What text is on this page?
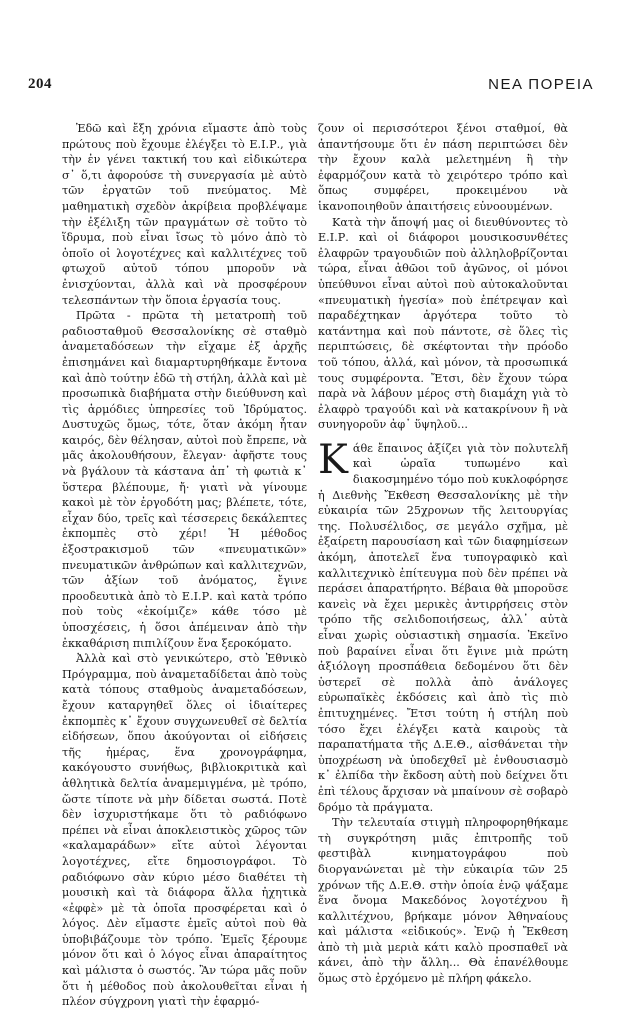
204	ΝΕΑ ΠΟΡΕΙΑ

Ἐδῶ καὶ ἔξη χρόνια εἴμαστε ἀπὸ τοὺς πρώτους ποὺ ἔχουμε ἐλέγξει τὸ Ε.Ι.Ρ., γιὰ τὴν ἐν γένει τακτική του καὶ εἰδικώτερα σ᾽ ὅ,τι ἀφορούσε τὴ συνεργασία μὲ αὐτὸ τῶν ἐργατῶν τοῦ πνεύματος. Μὲ μαθηματικὴ σχεδὸν ἀκρίβεια προβλέψαμε τὴν ἐξέλιξη τῶν πραγμάτων σὲ τοῦτο τὸ ἵδρυμα, ποὺ εἶναι ἴσως τὸ μόνο ἀπὸ τὸ ὁποῖο οἱ λογοτέχνες καὶ καλλιτέχνες τοῦ φτωχοῦ αὐτοῦ τόπου μποροῦν νὰ ἐνισχύονται, ἀλλὰ καὶ νὰ προσφέρουν τελεσπάντων τὴν ὅποια ἐργασία τους.

Πρῶτα - πρῶτα τὴ μετατροπὴ τοῦ ραδιοσταθμοῦ Θεσσαλονίκης σὲ σταθμὸ ἀναμεταδόσεων τὴν εἴχαμε ἐξ ἀρχῆς ἐπισημάνει καὶ διαμαρτυρηθήκαμε ἔντονα καὶ ἀπὸ τούτην ἐδῶ τὴ στήλη, ἀλλὰ καὶ μὲ προσωπικὰ διαβήματα στὴν διεύθυνση καὶ τὶς ἁρμόδιες ὑπηρεσίες τοῦ Ἱδρύματος. Δυστυχῶς ὅμως, τότε, ὅταν ἀκόμη ἦταν καιρός, δὲν θέλησαν, αὐτοὶ ποὺ ἔπρεπε, νὰ μᾶς ἀκολουθήσουν, ἔλεγαν· ἀφῆστε τους νὰ βγάλουν τὰ κάστανα ἀπ᾽ τὴ φωτιὰ κ᾽ ὕστερα βλέπουμε, ἤ· γιατὶ νὰ γίνουμε κακοὶ μὲ τὸν ἐργοδότη μας; βλέπετε, τότε, εἶχαν δύο, τρεῖς καὶ τέσσερεις δεκάλεπτες ἐκπομπὲς στὸ χέρι! Ἡ μέθοδος ἐξοστρακισμοῦ τῶν «πνευματικῶν» πνευματικῶν ἀνθρώπων καὶ καλλιτεχνῶν, τῶν ἀξίων τοῦ ἀνόματος, ἔγινε προοδευτικὰ ἀπὸ τὸ Ε.Ι.Ρ. καὶ κατὰ τρόπο ποὺ τοὺς «ἐκοίμιζε» κάθε τόσο μὲ ὑποσχέσεις, ἡ ὅσοι ἀπέμειναν ἀπὸ τὴν ἐκκαθάριση πιπιλίζουν ἕνα ξεροκόματο.

Ἀλλὰ καὶ στὸ γενικώτερο, στὸ Ἐθνικὸ Πρόγραμμα, ποὺ ἀναμεταδίδεται ἀπὸ τοὺς κατὰ τόπους σταθμοὺς ἀναμεταδόσεων, ἔχουν καταργηθεῖ ὅλες οἱ ἰδιαίτερες ἐκπομπὲς κ᾽ ἔχουν συγχωνευθεῖ σὲ δελτία εἰδήσεων, ὅπου ἀκούγονται οἱ εἰδήσεις τῆς ἡμέρας, ἕνα χρονογράφημα, κακόγουστο συνήθως, βιβλιοκριτικὰ καὶ ἀθλητικὰ δελτία ἀναμεμιγμένα, μὲ τρόπο, ὥστε τίποτε νὰ μὴν δίδεται σωστά. Ποτὲ δὲν ἰσχυριστήκαμε ὅτι τὸ ραδιόφωνο πρέπει νὰ εἶναι ἀποκλειστικὸς χῶρος τῶν «καλαμαράδων» εἴτε αὐτοὶ λέγονται λογοτέχνες, εἴτε δημοσιογράφοι. Τὸ ραδιόφωνο σὰν κύριο μέσο διαθέτει τὴ μουσικὴ καὶ τὰ διάφορα ἄλλα ἠχητικὰ «ἐφφὲ» μὲ τὰ ὁποῖα προσφέρεται καὶ ὁ λόγος. Δὲν εἴμαστε ἐμεῖς αὐτοὶ ποὺ θὰ ὑποβιβάζουμε τὸν τρόπο. Ἐμεῖς ξέρουμε μόνον ὅτι καὶ ὁ λόγος εἶναι ἀπαραίτητος καὶ μάλιστα ὁ σωστός. Ἂν τώρα μᾶς ποῦν ὅτι ἡ μέθοδος ποὺ ἀκολουθεῖται εἶναι ἡ πλέον σύγχρονη γιατὶ τὴν ἐφαρμό-

ζουν οἱ περισσότεροι ξένοι σταθμοί, θὰ ἀπαντήσουμε ὅτι ἐν πάση περιπτώσει δὲν τὴν ἔχουν καλὰ μελετημένη ἢ τὴν ἐφαρμόζουν κατὰ τὸ χειρότερο τρόπο καὶ ὅπως συμφέρει, προκειμένου νὰ ἱκανοποιηθοῦν ἀπαιτήσεις εὐνοουμένων.

Κατὰ τὴν ἄποψή μας οἱ διευθύνοντες τὸ Ε.Ι.Ρ. καὶ οἱ διάφοροι μουσικοσυνθέτες ἐλαφρῶν τραγουδιῶν ποὺ ἀλληλοβρίζονται τώρα, εἶναι ἀθῶοι τοῦ ἀγῶνος, οἱ μόνοι ὑπεύθυνοι εἶναι αὐτοὶ ποὺ αὐτοκαλοῦνται «πνευματικὴ ἡγεσία» ποὺ ἐπέτρεψαν καὶ παραδέχτηκαν ἀργότερα τοῦτο τὸ κατάντημα καὶ ποὺ πάντοτε, σὲ ὅλες τὶς περιπτώσεις, δὲ σκέφτονται τὴν πρόοδο τοῦ τόπου, ἀλλά, καὶ μόνον, τὰ προσωπικά τους συμφέροντα. Ἔτσι, δὲν ἔχουν τώρα παρὰ νὰ λάβουν μέρος στὴ διαμάχη γιὰ τὸ ἐλαφρὸ τραγούδι καὶ νὰ κατακρίνουν ἢ νὰ συνηγοροῦν ἀφ᾽ ὕψηλοῦ...

Κάθε ἔπαινος ἀξίζει γιὰ τὸν πολυτελῆ καὶ ὡραῖα τυπωμένο καὶ διακοσμημένο τόμο ποὺ κυκλοφόρησε ἡ Διεθνὴς Ἔκθεση Θεσσαλονίκης μὲ τὴν εὐκαιρία τῶν 25χρονων τῆς λειτουργίας της. Πολυσέλιδος, σε μεγάλο σχῆμα, μὲ ἐξαίρετη παρουσίαση καὶ τῶν διαφημίσεων ἀκόμη, ἀποτελεῖ ἕνα τυπογραφικὸ καὶ καλλιτεχνικὸ ἐπίτευγμα ποὺ δὲν πρέπει νὰ περάσει ἀπαρατήρητο. Βέβαια θὰ μποροῦσε κανεὶς νὰ ἔχει μερικὲς ἀντιρρήσεις στὸν τρόπο τῆς σελιδοποιήσεως, ἀλλ᾽ αὐτὰ εἶναι χωρὶς οὐσιαστικὴ σημασία. Ἐκεῖνο ποὺ βαραίνει εἶναι ὅτι ἔγινε μιὰ πρώτη ἀξιόλογη προσπάθεια δεδομένου ὅτι δὲν ὑστερεῖ σὲ πολλὰ ἀπὸ ἀνάλογες εὐρωπαϊκὲς ἐκδόσεις καὶ ἀπὸ τὶς πιὸ ἐπιτυχημένες. Ἔτσι τούτη ἡ στήλη ποὺ τόσο ἔχει ἐλέγξει κατὰ καιροὺς τὰ παραπατήματα τῆς Δ.Ε.Θ., αἰσθάνεται τὴν ὑποχρέωση νὰ ὑποδεχθεῖ μὲ ἐνθουσιασμὸ κ᾽ ἐλπίδα τὴν ἔκδοση αὐτὴ ποὺ δείχνει ὅτι ἐπὶ τέλους ἄρχισαν νὰ μπαίνουν σὲ σοβαρὸ δρόμο τὰ πράγματα.

Τὴν τελευταία στιγμὴ πληροφορηθήκαμε τὴ συγκρότηση μιᾶς ἐπιτροπῆς τοῦ φεστιβὰλ κινηματογράφου ποὺ διοργανώνεται μὲ τὴν εὐκαιρία τῶν 25 χρόνων τῆς Δ.Ε.Θ. στὴν ὁποία ἐνῷ ψάξαμε ἕνα ὄνομα Μακεδόνος λογοτέχνου ἢ καλλιτέχνου, βρήκαμε μόνον Ἀθηναίους καὶ μάλιστα «εἰδικούς». Ἐνῷ ἡ Ἔκθεση ἀπὸ τὴ μιὰ μεριὰ κάτι καλὸ προσπαθεῖ νὰ κάνει, ἀπὸ τὴν ἄλλη... Θὰ ἐπανέλθουμε ὅμως στὸ ἐρχόμενο μὲ πλήρη φάκελο.
